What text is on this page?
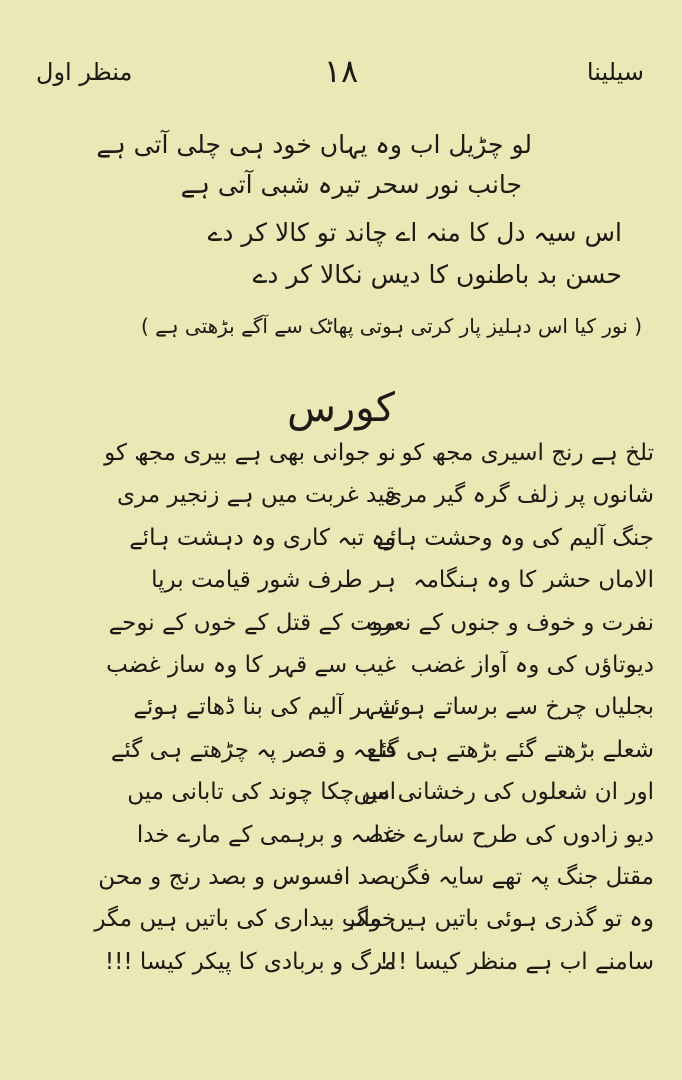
سیلینا
۱۸
منظر اول
لو چڑیل اب وہ یہاں خود ہی چلی آتی ہے
جانب نور سحر تیرہ شبی آتی ہے
اس سیہ دل کا منہ اے چاند تو کالا کر دے
حسن بد باطنوں کا دیس نکالا کر دے
( نور کیا اس دہلیز پار کرتی ہوتی پھاٹک سے آگے بڑھتی ہے )
کورس
تلخ ہے رنج اسیری مجھ کو
شانوں پر زلف گرہ گیر مری
جنگ آلیم کی وہ وحشت ہائے
الاماں حشر کا وہ ہنگامہ
نفرت و خوف و جنوں کے نعرے
دیوتاؤں کی وہ آواز غضب
بجلیاں چرخ سے برساتے ہوئے
شعلے بڑھتے گئے بڑھتے ہی گئے
اور ان شعلوں کی رخشانی میں
دیو زادوں کی طرح سارے خدا
مقتل جنگ پہ تھے سایہ فگن
وہ تو گذری ہوئی باتیں ہیں مگر
سامنے اب ہے منظر کیسا !!!
نو جوانی بھی ہے بیری مجھ کو
قید غربت میں ہے زنجیر مری
وہ تبہ کاری وہ دہشت ہائے
ہر طرف شور قیامت برپا
موت کے قتل کے خوں کے نوحے
غیب سے قہر کا وہ ساز غضب
شہر آلیم کی بنا ڈھاتے ہوئے
قلعہ و قصر پہ چڑھتے ہی گئے
اس چکا چوند کی تابانی میں
غصہ و برہمی کے مارے خدا
بصد افسوس و بصد رنج و محن
خواب بیداری کی باتیں ہیں مگر
مرگ و بربادی کا پیکر کیسا !!!
